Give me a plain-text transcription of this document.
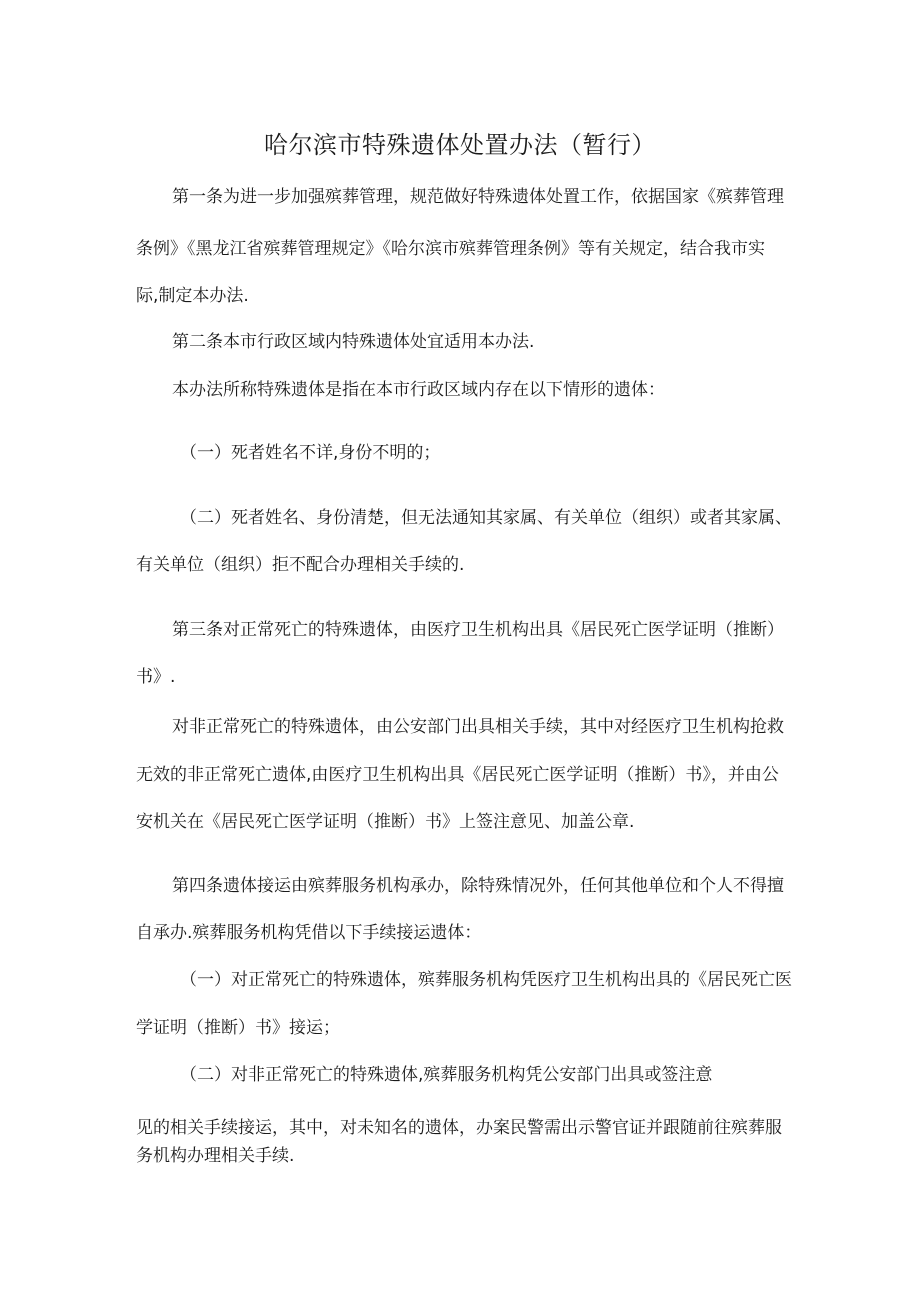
哈尔滨市特殊遗体处置办法（暂行）
第一条为进一步加强殡葬管理，规范做好特殊遗体处置工作，依据国家《殡葬管理
条例》《黑龙江省殡葬管理规定》《哈尔滨市殡葬管理条例》等有关规定，结合我市实
际,制定本办法.
第二条本市行政区域内特殊遗体处宜适用本办法.
本办法所称特殊遗体是指在本市行政区域内存在以下情形的遗体：
（一）死者姓名不详,身份不明的；
（二）死者姓名、身份清楚，但无法通知其家属、有关单位（组织）或者其家属、
有关单位（组织）拒不配合办理相关手续的.
第三条对正常死亡的特殊遗体，由医疗卫生机构出具《居民死亡医学证明（推断）
书》.
对非正常死亡的特殊遗体，由公安部门出具相关手续，其中对经医疗卫生机构抢救
无效的非正常死亡遗体,由医疗卫生机构出具《居民死亡医学证明（推断）书》，并由公
安机关在《居民死亡医学证明（推断）书》上签注意见、加盖公章.
第四条遗体接运由殡葬服务机构承办，除特殊情况外，任何其他单位和个人不得擅
自承办.殡葬服务机构凭借以下手续接运遗体：
（一）对正常死亡的特殊遗体，殡葬服务机构凭医疗卫生机构出具的《居民死亡医
学证明（推断）书》接运；
（二）对非正常死亡的特殊遗体,殡葬服务机构凭公安部门出具或签注意
见的相关手续接运，其中，对未知名的遗体，办案民警需出示警官证并跟随前往殡葬服
务机构办理相关手续.
